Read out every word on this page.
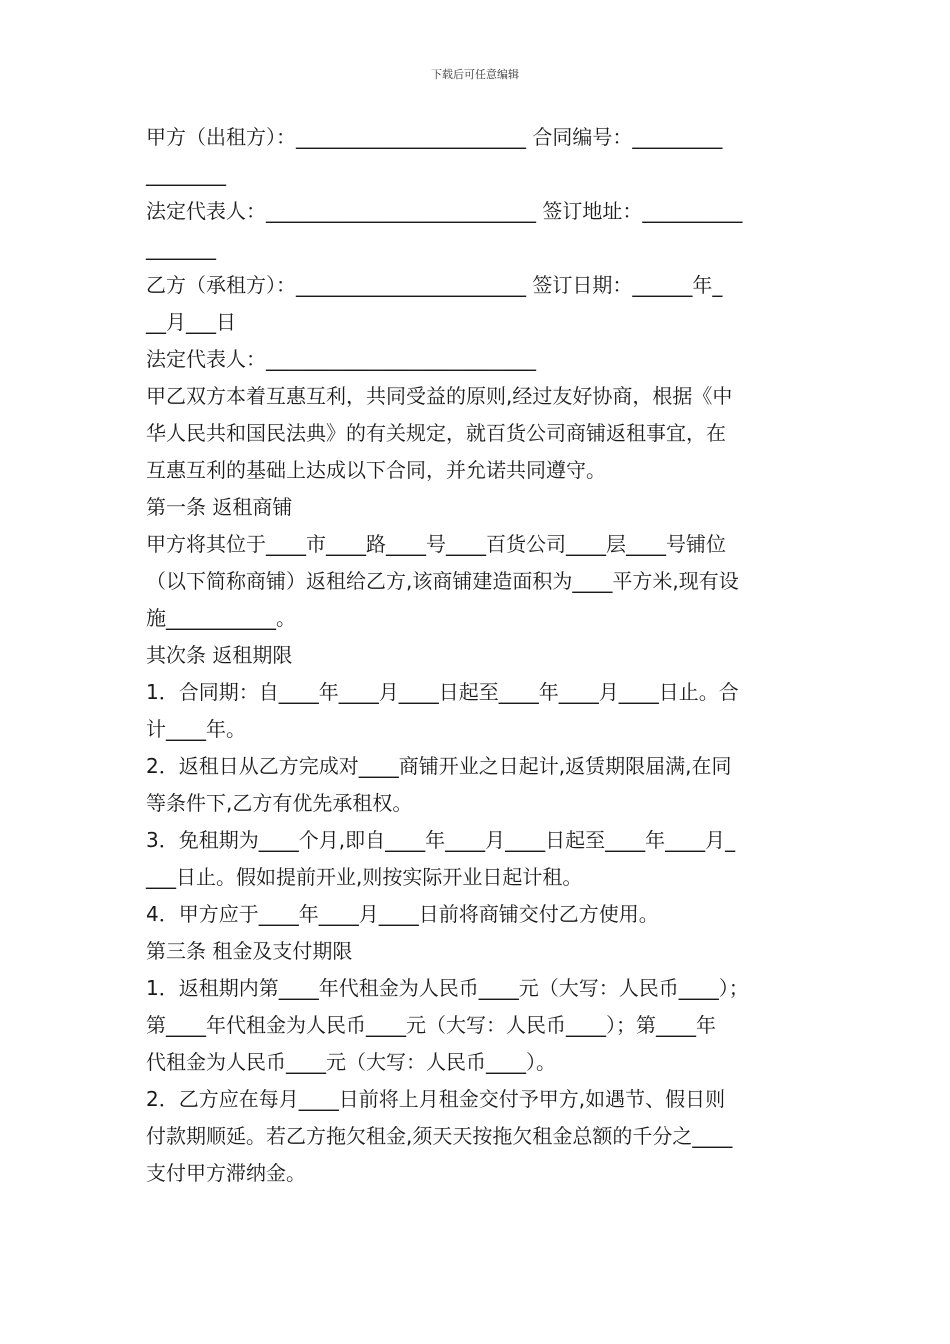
下载后可任意编辑
甲方（出租方）：_______________________ 合同编号：_________
________
法定代表人：___________________________ 签订地址：__________
_______
乙方（承租方）：_______________________ 签订日期：______年_
__月___日
法定代表人：___________________________
甲乙双方本着互惠互利，共同受益的原则,经过友好协商，根据《中
华人民共和国民法典》的有关规定，就百货公司商铺返租事宜，在
互惠互利的基础上达成以下合同，并允诺共同遵守。
第一条 返租商铺
甲方将其位于____市____路____号____百货公司____层____号铺位
（以下简称商铺）返租给乙方,该商铺建造面积为____平方米,现有设
施___________。
其次条 返租期限
1．合同期：自____年____月____日起至____年____月____日止。合
计____年。
2．返租日从乙方完成对____商铺开业之日起计,返赁期限届满,在同
等条件下,乙方有优先承租权。
3．免租期为____个月,即自____年____月____日起至____年____月_
___日止。假如提前开业,则按实际开业日起计租。
4．甲方应于____年____月____日前将商铺交付乙方使用。
第三条 租金及支付期限
1．返租期内第____年代租金为人民币____元（大写：人民币____）；
第____年代租金为人民币____元（大写：人民币____）；第____年
代租金为人民币____元（大写：人民币____）。
2．乙方应在每月____日前将上月租金交付予甲方,如遇节、假日则
付款期顺延。若乙方拖欠租金,须天天按拖欠租金总额的千分之____
支付甲方滞纳金。
